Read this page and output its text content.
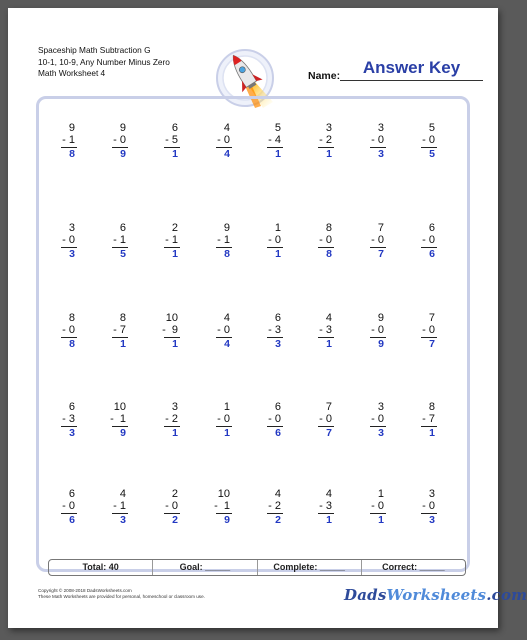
Spaceship Math Subtraction G
10-1, 10-9, Any Number Minus Zero
Math Worksheet 4	Name:	Answer Key
9
- 1
8
9
- 0
9
6
- 5
1
4
- 0
4
5
- 4
1
3
- 2
1
3
- 0
3
5
- 0
5
3
- 0
3
6
- 1
5
2
- 1
1
9
- 1
8
1
- 0
1
8
- 0
8
7
- 0
7
6
- 0
6
8
- 0
8
8
- 7
1
10
-  9
1
4
- 0
4
6
- 3
3
4
- 3
1
9
- 0
9
7
- 0
7
6
- 3
3
10
-  1
9
3
- 2
1
1
- 0
1
6
- 0
6
7
- 0
7
3
- 0
3
8
- 7
1
6
- 0
6
4
- 1
3
2
- 0
2
10
-  1
9
4
- 2
2
4
- 3
1
1
- 0
1
3
- 0
3
Total: 40	Goal: _____	Complete: _____	Correct: _____
Copyright © 2008-2018 DadsWorksheets.com
These Math Worksheets are provided for personal, homeschool or classroom use.	DadsWorksheets.com
